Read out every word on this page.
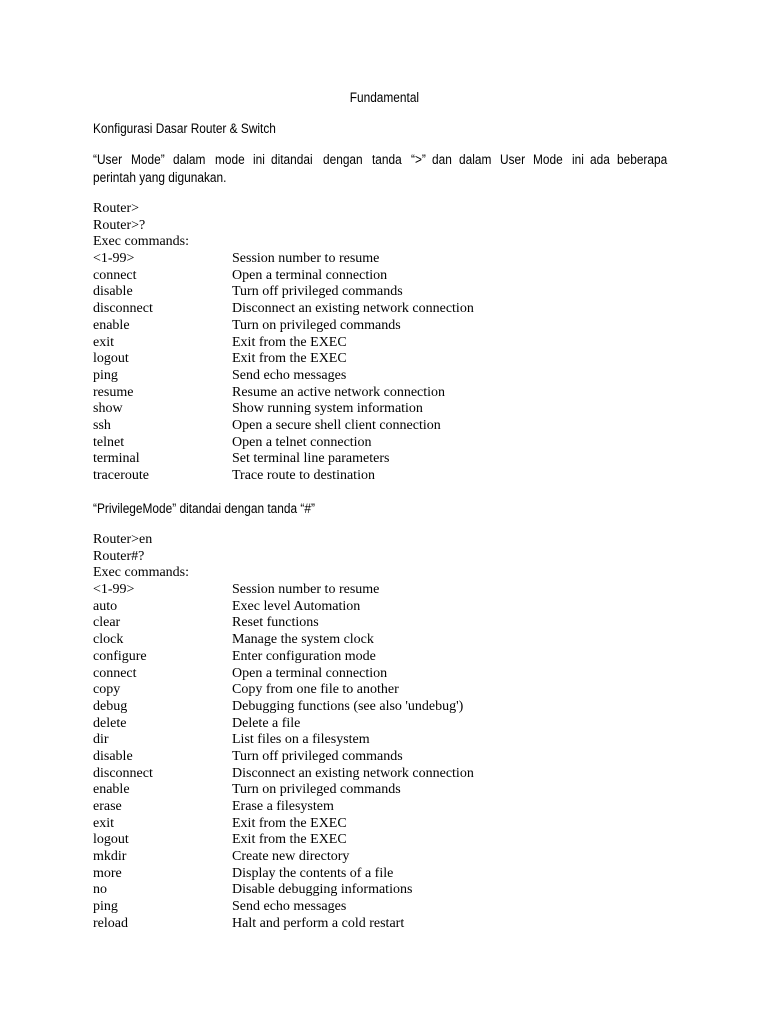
Fundamental
Konfigurasi Dasar Router & Switch
“User Mode” dalam mode ini ditandai dengan tanda “>” dan dalam User Mode ini ada beberapa
perintah yang digunakan.
Router>
Router>?
Exec commands:
<1-99>	Session number to resume
connect	Open a terminal connection
disable	Turn off privileged commands
disconnect	Disconnect an existing network connection
enable	Turn on privileged commands
exit	Exit from the EXEC
logout	Exit from the EXEC
ping	Send echo messages
resume	Resume an active network connection
show	Show running system information
ssh	Open a secure shell client connection
telnet	Open a telnet connection
terminal	Set terminal line parameters
traceroute	Trace route to destination
“PrivilegeMode” ditandai dengan tanda “#”
Router>en
Router#?
Exec commands:
<1-99>	Session number to resume
auto	Exec level Automation
clear	Reset functions
clock	Manage the system clock
configure	Enter configuration mode
connect	Open a terminal connection
copy	Copy from one file to another
debug	Debugging functions (see also 'undebug')
delete	Delete a file
dir	List files on a filesystem
disable	Turn off privileged commands
disconnect	Disconnect an existing network connection
enable	Turn on privileged commands
erase	Erase a filesystem
exit	Exit from the EXEC
logout	Exit from the EXEC
mkdir	Create new directory
more	Display the contents of a file
no	Disable debugging informations
ping	Send echo messages
reload	Halt and perform a cold restart
